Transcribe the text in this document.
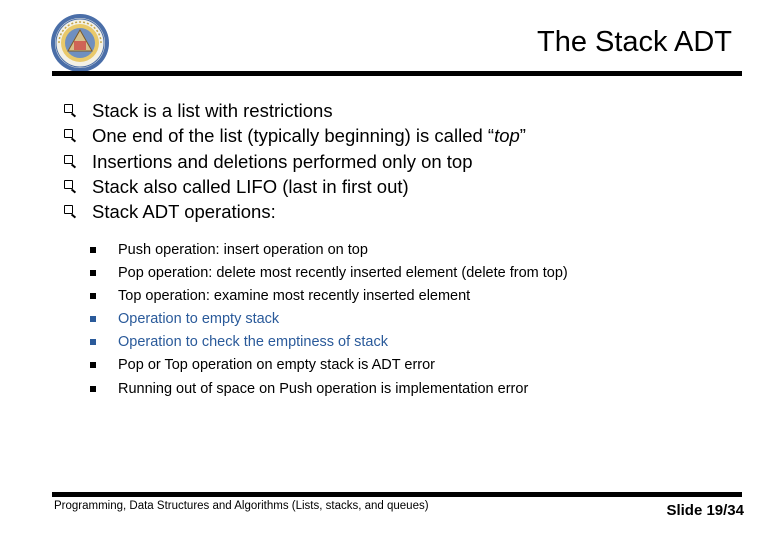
The Stack ADT
Stack is a list with restrictions
One end of the list (typically beginning) is called “top”
Insertions and deletions performed only on top
Stack also called LIFO (last in first out)
Stack ADT operations:
Push operation: insert operation on top
Pop operation: delete most recently inserted element (delete from top)
Top operation: examine most recently inserted element
Operation to empty stack
Operation to check the emptiness of stack
Pop or Top operation on empty stack is ADT error
Running out of space on Push operation is implementation error
Programming, Data Structures and Algorithms (Lists, stacks, and queues)	Slide 19/34
